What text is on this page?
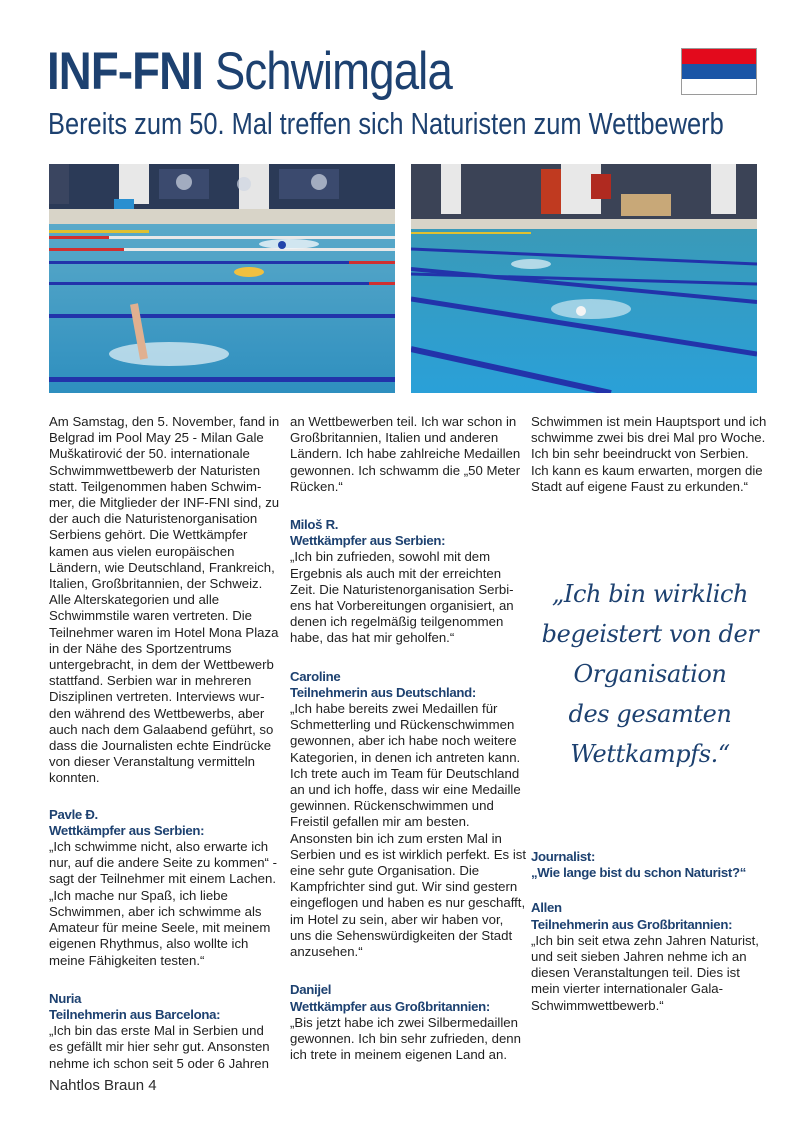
INF-FNI Schwimgala
Bereits zum 50. Mal treffen sich Naturisten zum Wettbewerb

Am Samstag, den 5. November, fand in Belgrad im Pool May 25 - Milan Gale Muškatirović der 50. internationale Schwimmwettbewerb der Naturisten statt. Teilgenommen haben Schwimmer, die Mitglieder der INF-FNI sind, zu der auch die Naturistenorganisation Serbiens gehört. Die Wettkämpfer kamen aus vielen europäischen Ländern, wie Deutschland, Frankreich, Italien, Großbritannien, der Schweiz. Alle Alterskategorien und alle Schwimmstile waren vertreten. Die Teilnehmer waren im Hotel Mona Plaza in der Nähe des Sportzentrums untergebracht, in dem der Wettbewerb stattfand. Serbien war in mehreren Disziplinen vertreten. Interviews wurden während des Wettbewerbs, aber auch nach dem Galaabend geführt, so dass die Journalisten echte Eindrücke von dieser Veranstaltung vermitteln konnten.

Pavle Đ.

Wettkämpfer aus Serbien:

„Ich schwimme nicht, also erwarte ich nur, auf die andere Seite zu kommen“ - sagt der Teilnehmer mit einem Lachen. „Ich mache nur Spaß, ich liebe Schwimmen, aber ich schwimme als Amateur für meine Seele, mit meinem eigenen Rhythmus, also wollte ich meine Fähigkeiten testen.“

Nuria

Teilnehmerin aus Barcelona:

„Ich bin das erste Mal in Serbien und es gefällt mir hier sehr gut. Ansonsten nehme ich schon seit 5 oder 6 Jahren

an Wettbewerben teil. Ich war schon in Großbritannien, Italien und anderen Ländern. Ich habe zahlreiche Medaillen gewonnen. Ich schwamm die „50 Meter Rücken.“

Miloš R.

Wettkämpfer aus Serbien:

„Ich bin zufrieden, sowohl mit dem Ergebnis als auch mit der erreichten Zeit. Die Naturistenorganisation Serbiens hat Vorbereitungen organisiert, an denen ich regelmäßig teilgenommen habe, das hat mir geholfen.“

Caroline

Teilnehmerin aus Deutschland:

„Ich habe bereits zwei Medaillen für Schmetterling und Rückenschwimmen gewonnen, aber ich habe noch weitere Kategorien, in denen ich antreten kann. Ich trete auch im Team für Deutschland an und ich hoffe, dass wir eine Medaille gewinnen. Rückenschwimmen und Freistil gefallen mir am besten. Ansonsten bin ich zum ersten Mal in Serbien und es ist wirklich perfekt. Es ist eine sehr gute Organisation. Die Kampfrichter sind gut. Wir sind gestern eingeflogen und haben es nur geschafft, im Hotel zu sein, aber wir haben vor, uns die Sehenswürdigkeiten der Stadt anzusehen.“

Danijel

Wettkämpfer aus Großbritannien:

„Bis jetzt habe ich zwei Silbermedaillen gewonnen. Ich bin sehr zufrieden, denn ich trete in meinem eigenen Land an.

Schwimmen ist mein Hauptsport und ich schwimme zwei bis drei Mal pro Woche. Ich bin sehr beeindruckt von Serbien. Ich kann es kaum erwarten, morgen die Stadt auf eigene Faust zu erkunden.“

„Ich bin wirklich
begeistert von der
Organisation
des gesamten
Wettkampfs.“

Journalist:

„Wie lange bist du schon Naturist?“

Allen

Teilnehmerin aus Großbritannien:

„Ich bin seit etwa zehn Jahren Naturist, und seit sieben Jahren nehme ich an diesen Veranstaltungen teil. Dies ist mein vierter internationaler Gala-Schwimmwettbewerb.“

Nahtlos Braun 4
